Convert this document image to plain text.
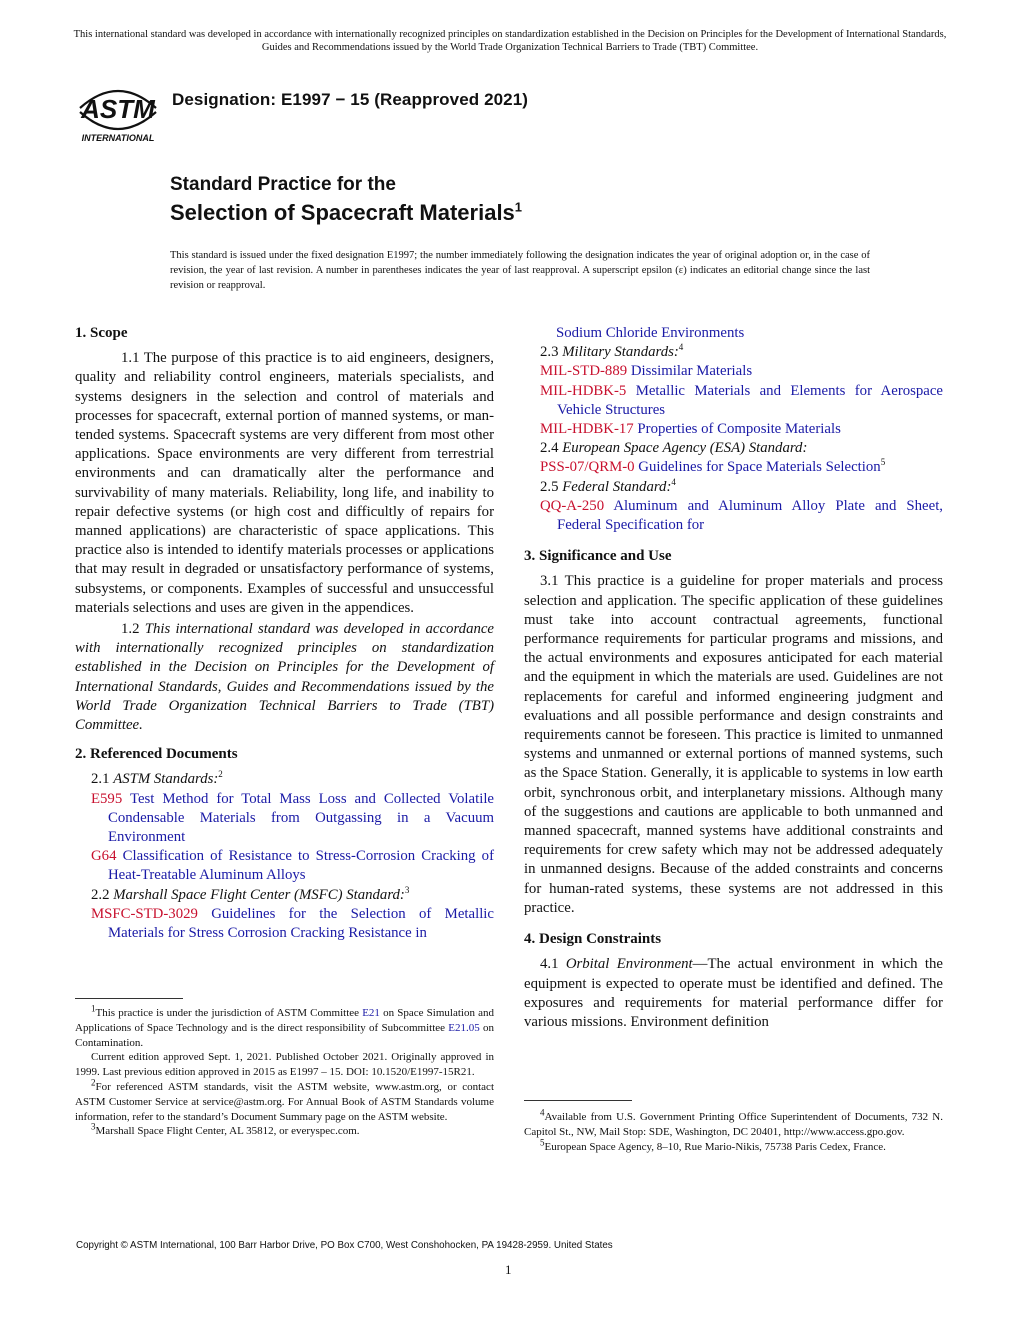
This international standard was developed in accordance with internationally recognized principles on standardization established in the Decision on Principles for the Development of International Standards, Guides and Recommendations issued by the World Trade Organization Technical Barriers to Trade (TBT) Committee.
ASTM
INTERNATIONAL
Designation: E1997 − 15 (Reapproved 2021)
Standard Practice for the
Selection of Spacecraft Materials$^1$
This standard is issued under the fixed designation E1997; the number immediately following the designation indicates the year of original adoption or, in the case of revision, the year of last revision. A number in parentheses indicates the year of last reapproval. A superscript epsilon (ε) indicates an editorial change since the last revision or reapproval.
1. Scope
1.1 The purpose of this practice is to aid engineers, designers, quality and reliability control engineers, materials specialists, and systems designers in the selection and control of materials and processes for spacecraft, external portion of manned systems, or man-tended systems. Spacecraft systems are very different from most other applications. Space environments are very different from terrestrial environments and can dramatically alter the performance and survivability of many materials. Reliability, long life, and inability to repair defective systems (or high cost and difficultly of repairs for manned applications) are characteristic of space applications. This practice also is intended to identify materials processes or applications that may result in degraded or unsatisfactory performance of systems, subsystems, or components. Examples of successful and unsuccessful materials selections and uses are given in the appendices.
1.2 This international standard was developed in accordance with internationally recognized principles on standardization established in the Decision on Principles for the Development of International Standards, Guides and Recommendations issued by the World Trade Organization Technical Barriers to Trade (TBT) Committee.
2. Referenced Documents
2.1 ASTM Standards:$^2$
E595 Test Method for Total Mass Loss and Collected Volatile Condensable Materials from Outgassing in a Vacuum Environment
G64 Classification of Resistance to Stress-Corrosion Cracking of Heat-Treatable Aluminum Alloys
2.2 Marshall Space Flight Center (MSFC) Standard:$^3$
MSFC-STD-3029 Guidelines for the Selection of Metallic Materials for Stress Corrosion Cracking Resistance in
$^1$This practice is under the jurisdiction of ASTM Committee E21 on Space Simulation and Applications of Space Technology and is the direct responsibility of Subcommittee E21.05 on Contamination.
Current edition approved Sept. 1, 2021. Published October 2021. Originally approved in 1999. Last previous edition approved in 2015 as E1997 – 15. DOI: 10.1520/E1997-15R21.
$^2$For referenced ASTM standards, visit the ASTM website, www.astm.org, or contact ASTM Customer Service at service@astm.org. For Annual Book of ASTM Standards volume information, refer to the standard’s Document Summary page on the ASTM website.
$^3$Marshall Space Flight Center, AL 35812, or everyspec.com.
Sodium Chloride Environments
2.3 Military Standards:$^4$
MIL-STD-889 Dissimilar Materials
MIL-HDBK-5 Metallic Materials and Elements for Aerospace Vehicle Structures
MIL-HDBK-17 Properties of Composite Materials
2.4 European Space Agency (ESA) Standard:
PSS-07/QRM-0 Guidelines for Space Materials Selection$^5$
2.5 Federal Standard:$^4$
QQ-A-250 Aluminum and Aluminum Alloy Plate and Sheet, Federal Specification for
3. Significance and Use
3.1 This practice is a guideline for proper materials and process selection and application. The specific application of these guidelines must take into account contractual agreements, functional performance requirements for particular programs and missions, and the actual environments and exposures anticipated for each material and the equipment in which the materials are used. Guidelines are not replacements for careful and informed engineering judgment and evaluations and all possible performance and design constraints and requirements cannot be foreseen. This practice is limited to unmanned systems and unmanned or external portions of manned systems, such as the Space Station. Generally, it is applicable to systems in low earth orbit, synchronous orbit, and interplanetary missions. Although many of the suggestions and cautions are applicable to both unmanned and manned spacecraft, manned systems have additional constraints and requirements for crew safety which may not be addressed adequately in unmanned designs. Because of the added constraints and concerns for human-rated systems, these systems are not addressed in this practice.
4. Design Constraints
4.1 Orbital Environment—The actual environment in which the equipment is expected to operate must be identified and defined. The exposures and requirements for material performance differ for various missions. Environment definition
$^4$Available from U.S. Government Printing Office Superintendent of Documents, 732 N. Capitol St., NW, Mail Stop: SDE, Washington, DC 20401, http://www.access.gpo.gov.
$^5$European Space Agency, 8–10, Rue Mario-Nikis, 75738 Paris Cedex, France.
Copyright © ASTM International, 100 Barr Harbor Drive, PO Box C700, West Conshohocken, PA 19428-2959. United States
1
